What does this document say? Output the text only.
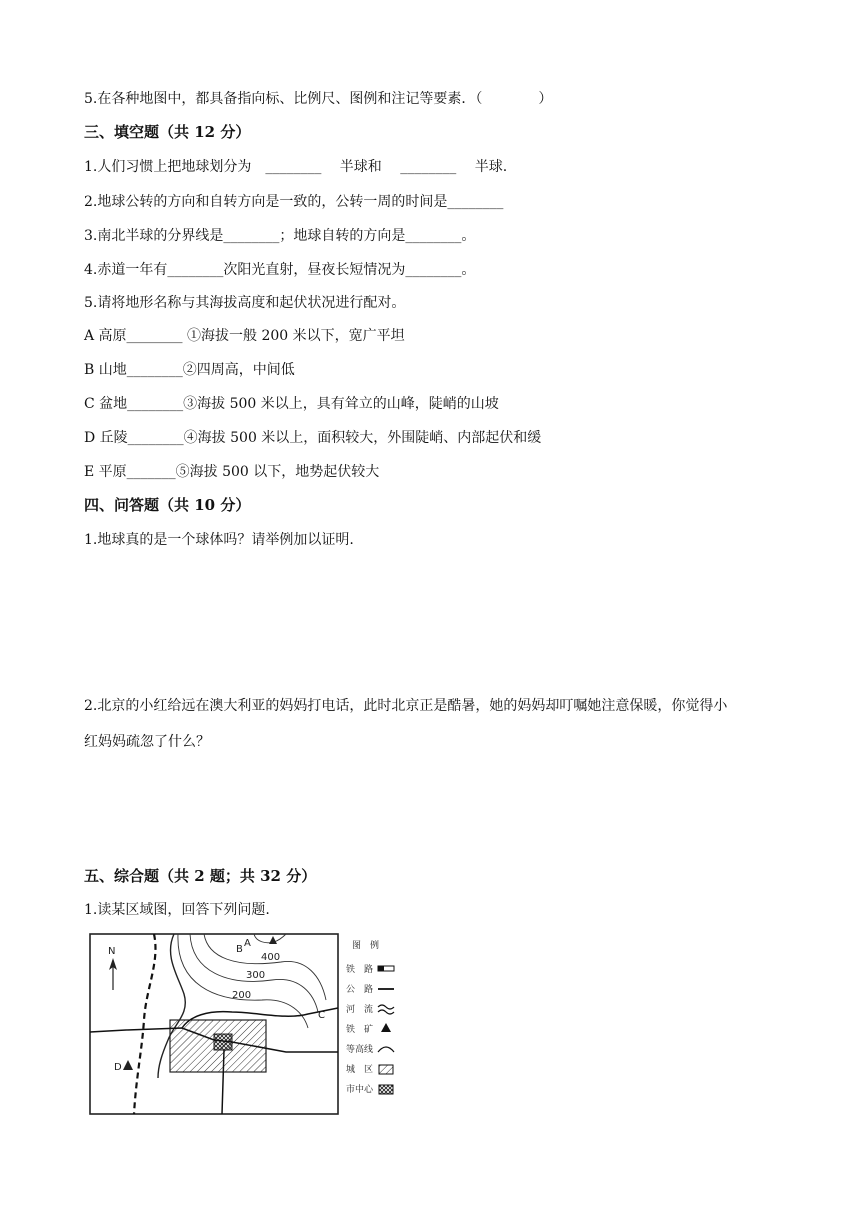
5.在各种地图中，都具备指向标、比例尺、图例和注记等要素．（　　　　）
三、填空题（共 12 分）
1.人们习惯上把地球划分为　________　 半球和 　________ 　半球.
2.地球公转的方向和自转方向是一致的，公转一周的时间是________
3.南北半球的分界线是________；地球自转的方向是________。
4.赤道一年有________次阳光直射，昼夜长短情况为________。
5.请将地形名称与其海拔高度和起伏状况进行配对。
A 高原________ ①海拔一般 200 米以下，宽广平坦
B 山地________②四周高，中间低
C 盆地________③海拔 500 米以上，具有耸立的山峰，陡峭的山坡
D 丘陵________④海拔 500 米以上，面积较大，外围陡峭、内部起伏和缓
E 平原_______⑤海拔 500 以下，地势起伏较大
四、问答题（共 10 分）
1.地球真的是一个球体吗？请举例加以证明.
2.北京的小红给远在澳大利亚的妈妈打电话，此时北京正是酷暑，她的妈妈却叮嘱她注意保暖，你觉得小
红妈妈疏忽了什么？
五、综合题（共 2 题；共 32 分）
1.读某区域图，回答下列问题.
400
300
200
N
A
B
C
D
图　例
铁　路
公　路
河　流
铁　矿
等高线
城　区
市中心
